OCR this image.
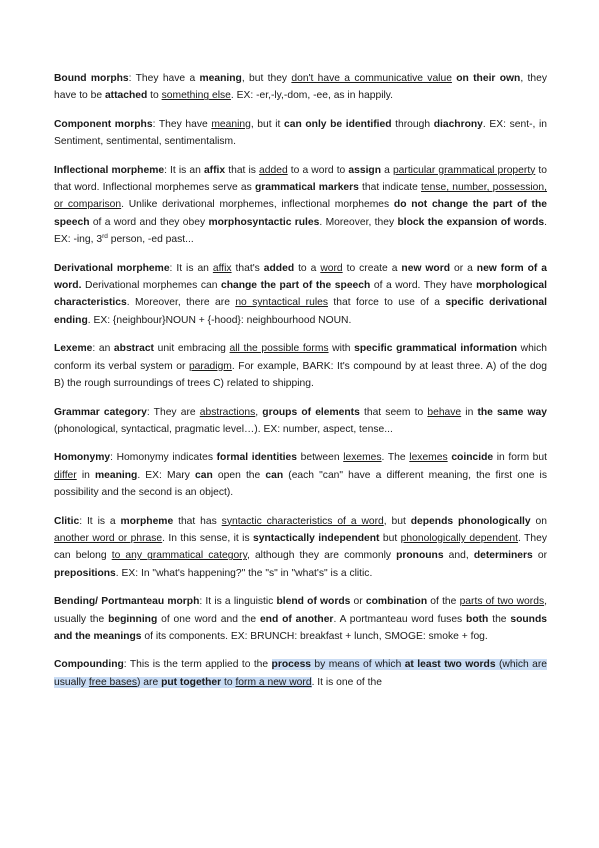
Bound morphs: They have a meaning, but they don't have a communicative value on their own, they have to be attached to something else. EX: -er,-ly,-dom, -ee, as in happily.

Component morphs: They have meaning, but it can only be identified through diachrony. EX: sent-, in Sentiment, sentimental, sentimentalism.

Inflectional morpheme: It is an affix that is added to a word to assign a particular grammatical property to that word. Inflectional morphemes serve as grammatical markers that indicate tense, number, possession, or comparison. Unlike derivational morphemes, inflectional morphemes do not change the part of the speech of a word and they obey morphosyntactic rules. Moreover, they block the expansion of words. EX: -ing, 3rd person, -ed past...

Derivational morpheme: It is an affix that's added to a word to create a new word or a new form of a word. Derivational morphemes can change the part of the speech of a word. They have morphological characteristics. Moreover, there are no syntactical rules that force to use of a specific derivational ending. EX: {neighbour}NOUN + {-hood}: neighbourhood NOUN.

Lexeme: an abstract unit embracing all the possible forms with specific grammatical information which conform its verbal system or paradigm. For example, BARK: It's compound by at least three. A) of the dog B) the rough surroundings of trees C) related to shipping.

Grammar category: They are abstractions, groups of elements that seem to behave in the same way (phonological, syntactical, pragmatic level…). EX: number, aspect, tense...

Homonymy: Homonymy indicates formal identities between lexemes. The lexemes coincide in form but differ in meaning. EX: Mary can open the can (each "can" have a different meaning, the first one is possibility and the second is an object).

Clitic: It is a morpheme that has syntactic characteristics of a word, but depends phonologically on another word or phrase. In this sense, it is syntactically independent but phonologically dependent. They can belong to any grammatical category, although they are commonly pronouns and, determiners or prepositions. EX: In "what's happening?" the "s" in "what's" is a clitic.

Bending/ Portmanteau morph: It is a linguistic blend of words or combination of the parts of two words, usually the beginning of one word and the end of another. A portmanteau word fuses both the sounds and the meanings of its components. EX: BRUNCH: breakfast + lunch, SMOGE: smoke + fog.

Compounding: This is the term applied to the process by means of which at least two words (which are usually free bases) are put together to form a new word. It is one of the
